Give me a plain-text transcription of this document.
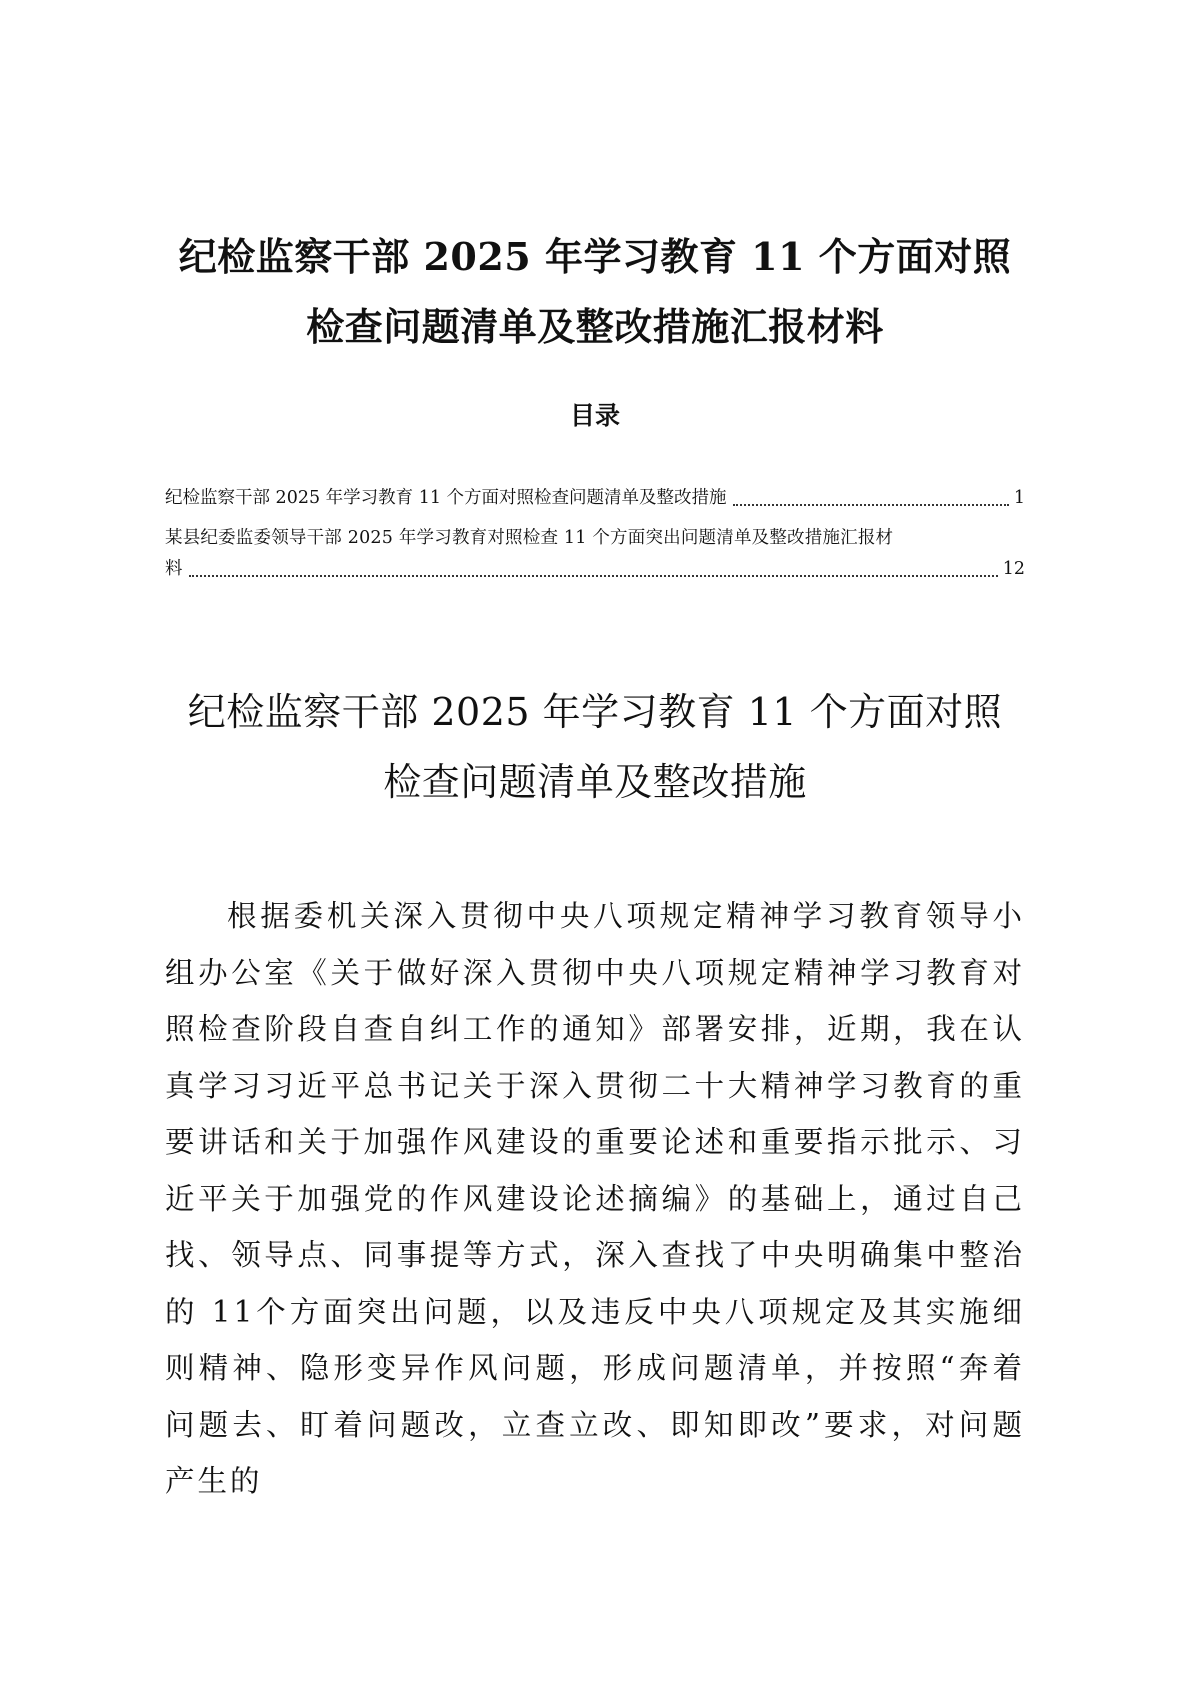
纪检监察干部 2025 年学习教育 11 个方面对照
检查问题清单及整改措施汇报材料
目录
纪检监察干部 2025 年学习教育 11 个方面对照检查问题清单及整改措施	1
某县纪委监委领导干部 2025 年学习教育对照检查 11 个方面突出问题清单及整改措施汇报材
料	12
纪检监察干部 2025 年学习教育 11 个方面对照
检查问题清单及整改措施

根据委机关深入贯彻中央八项规定精神学习教育领导小组办公室《关于做好深入贯彻中央八项规定精神学习教育对照检查阶段自查自纠工作的通知》部署安排，近期，我在认真学习习近平总书记关于深入贯彻二十大精神学习教育的重要讲话和关于加强作风建设的重要论述和重要指示批示、习近平关于加强党的作风建设论述摘编》的基础上，通过自己找、领导点、同事提等方式，深入查找了中央明确集中整治的 11个方面突出问题，以及违反中央八项规定及其实施细则精神、隐形变异作风问题，形成问题清单，并按照“奔着问题去、盯着问题改，立查立改、即知即改”要求，对问题产生的
